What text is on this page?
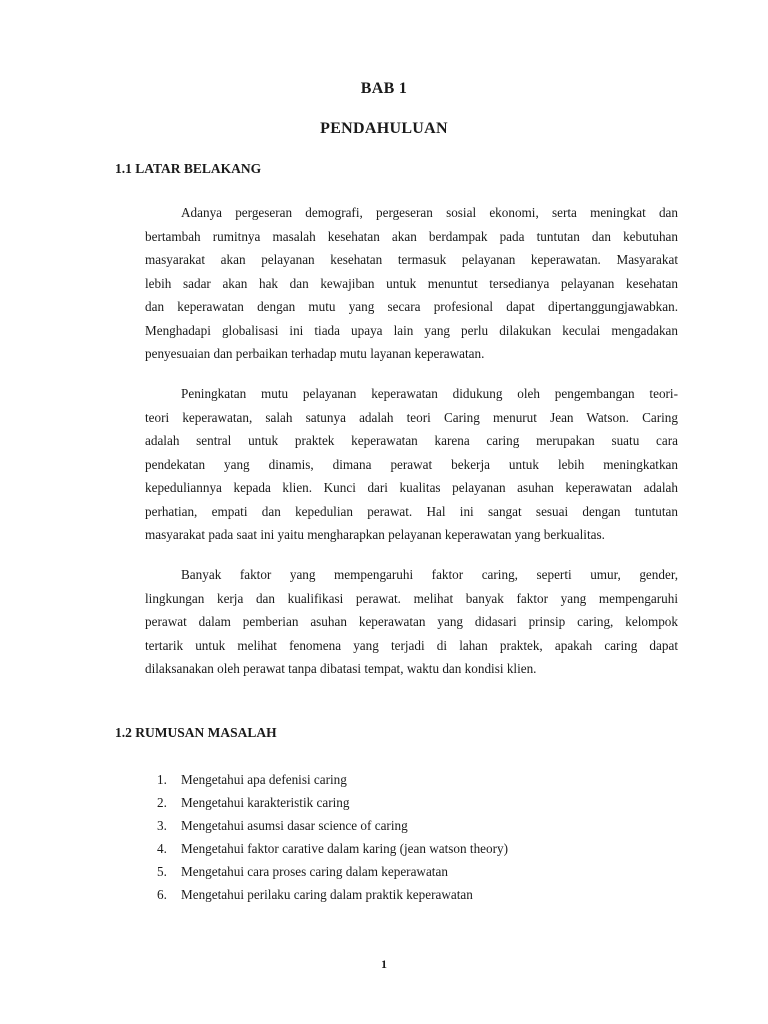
BAB 1
PENDAHULUAN
1.1 LATAR BELAKANG
Adanya pergeseran demografi, pergeseran sosial ekonomi, serta meningkat dan
bertambah rumitnya masalah kesehatan akan berdampak pada tuntutan dan kebutuhan
masyarakat akan pelayanan kesehatan termasuk pelayanan keperawatan. Masyarakat
lebih sadar akan hak dan kewajiban untuk menuntut tersedianya pelayanan kesehatan
dan keperawatan dengan mutu yang secara profesional dapat dipertanggungjawabkan.
Menghadapi globalisasi ini tiada upaya lain yang perlu dilakukan keculai mengadakan
penyesuaian dan perbaikan terhadap mutu layanan keperawatan.
Peningkatan mutu pelayanan keperawatan didukung oleh pengembangan teori-
teori keperawatan, salah satunya adalah teori Caring menurut Jean Watson. Caring
adalah sentral untuk praktek keperawatan karena caring merupakan suatu cara
pendekatan yang dinamis, dimana perawat bekerja untuk lebih meningkatkan
kepeduliannya kepada klien. Kunci dari kualitas pelayanan asuhan keperawatan adalah
perhatian, empati dan kepedulian perawat. Hal ini sangat sesuai dengan tuntutan
masyarakat pada saat ini yaitu mengharapkan pelayanan keperawatan yang berkualitas.
Banyak faktor yang mempengaruhi faktor caring, seperti umur, gender,
lingkungan kerja dan kualifikasi perawat. melihat banyak faktor yang mempengaruhi
perawat dalam pemberian asuhan keperawatan yang didasari prinsip caring, kelompok
tertarik untuk melihat fenomena yang terjadi di lahan praktek, apakah caring dapat
dilaksanakan oleh perawat tanpa dibatasi tempat, waktu dan kondisi klien.
1.2 RUMUSAN MASALAH
1. Mengetahui apa defenisi caring
2. Mengetahui karakteristik caring
3. Mengetahui asumsi dasar science of caring
4. Mengetahui faktor carative dalam karing (jean watson theory)
5. Mengetahui cara proses caring dalam keperawatan
6. Mengetahui perilaku caring dalam praktik keperawatan
1
